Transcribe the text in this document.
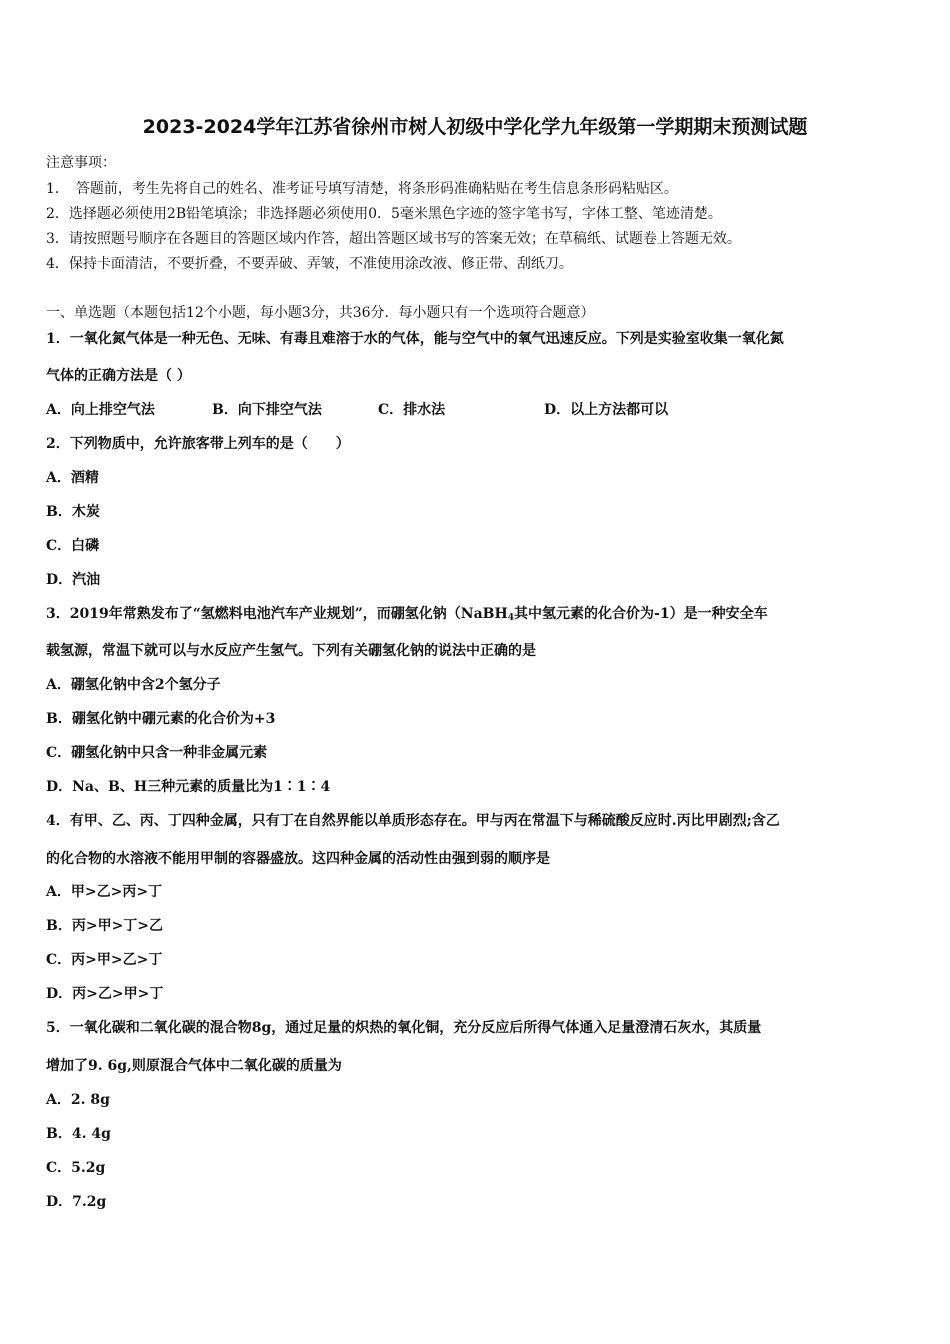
2023-2024学年江苏省徐州市树人初级中学化学九年级第一学期期末预测试题
注意事项：
1．　答题前，考生先将自己的姓名、准考证号填写清楚，将条形码准确粘贴在考生信息条形码粘贴区。
2．选择题必须使用2B铅笔填涂；非选择题必须使用0．5毫米黑色字迹的签字笔书写，字体工整、笔迹清楚。
3．请按照题号顺序在各题目的答题区域内作答，超出答题区域书写的答案无效；在草稿纸、试题卷上答题无效。
4．保持卡面清洁，不要折叠，不要弄破、弄皱，不准使用涂改液、修正带、刮纸刀。
一、单选题（本题包括12个小题，每小题3分，共36分．每小题只有一个选项符合题意）
1．一氧化氮气体是一种无色、无味、有毒且难溶于水的气体，能与空气中的氧气迅速反应。下列是实验室收集一氧化氮
气体的正确方法是（ ）
A．向上排空气法	B．向下排空气法	C．排水法	D．以上方法都可以
2．下列物质中，允许旅客带上列车的是（　　）
A．酒精
B．木炭
C．白磷
D．汽油
3．2019年常熟发布了“氢燃料电池汽车产业规划”，而硼氢化钠（NaBH$_4$其中氢元素的化合价为-1）是一种安全车
载氢源，常温下就可以与水反应产生氢气。下列有关硼氢化钠的说法中正确的是
A．硼氢化钠中含2个氢分子
B．硼氢化钠中硼元素的化合价为+3
C．硼氢化钠中只含一种非金属元素
D．Na、B、H三种元素的质量比为1∶1∶4
4．有甲、乙、丙、丁四种金属，只有丁在自然界能以单质形态存在。甲与丙在常温下与稀硫酸反应时.丙比甲剧烈;含乙
的化合物的水溶液不能用甲制的容器盛放。这四种金属的活动性由强到弱的顺序是
A．甲>乙>丙>丁
B．丙>甲>丁>乙
C．丙>甲>乙>丁
D．丙>乙>甲>丁
5．一氧化碳和二氧化碳的混合物8g，通过足量的炽热的氧化铜，充分反应后所得气体通入足量澄清石灰水，其质量
增加了9. 6g,则原混合气体中二氧化碳的质量为
A．2. 8g
B．4. 4g
C．5.2g
D．7.2g
